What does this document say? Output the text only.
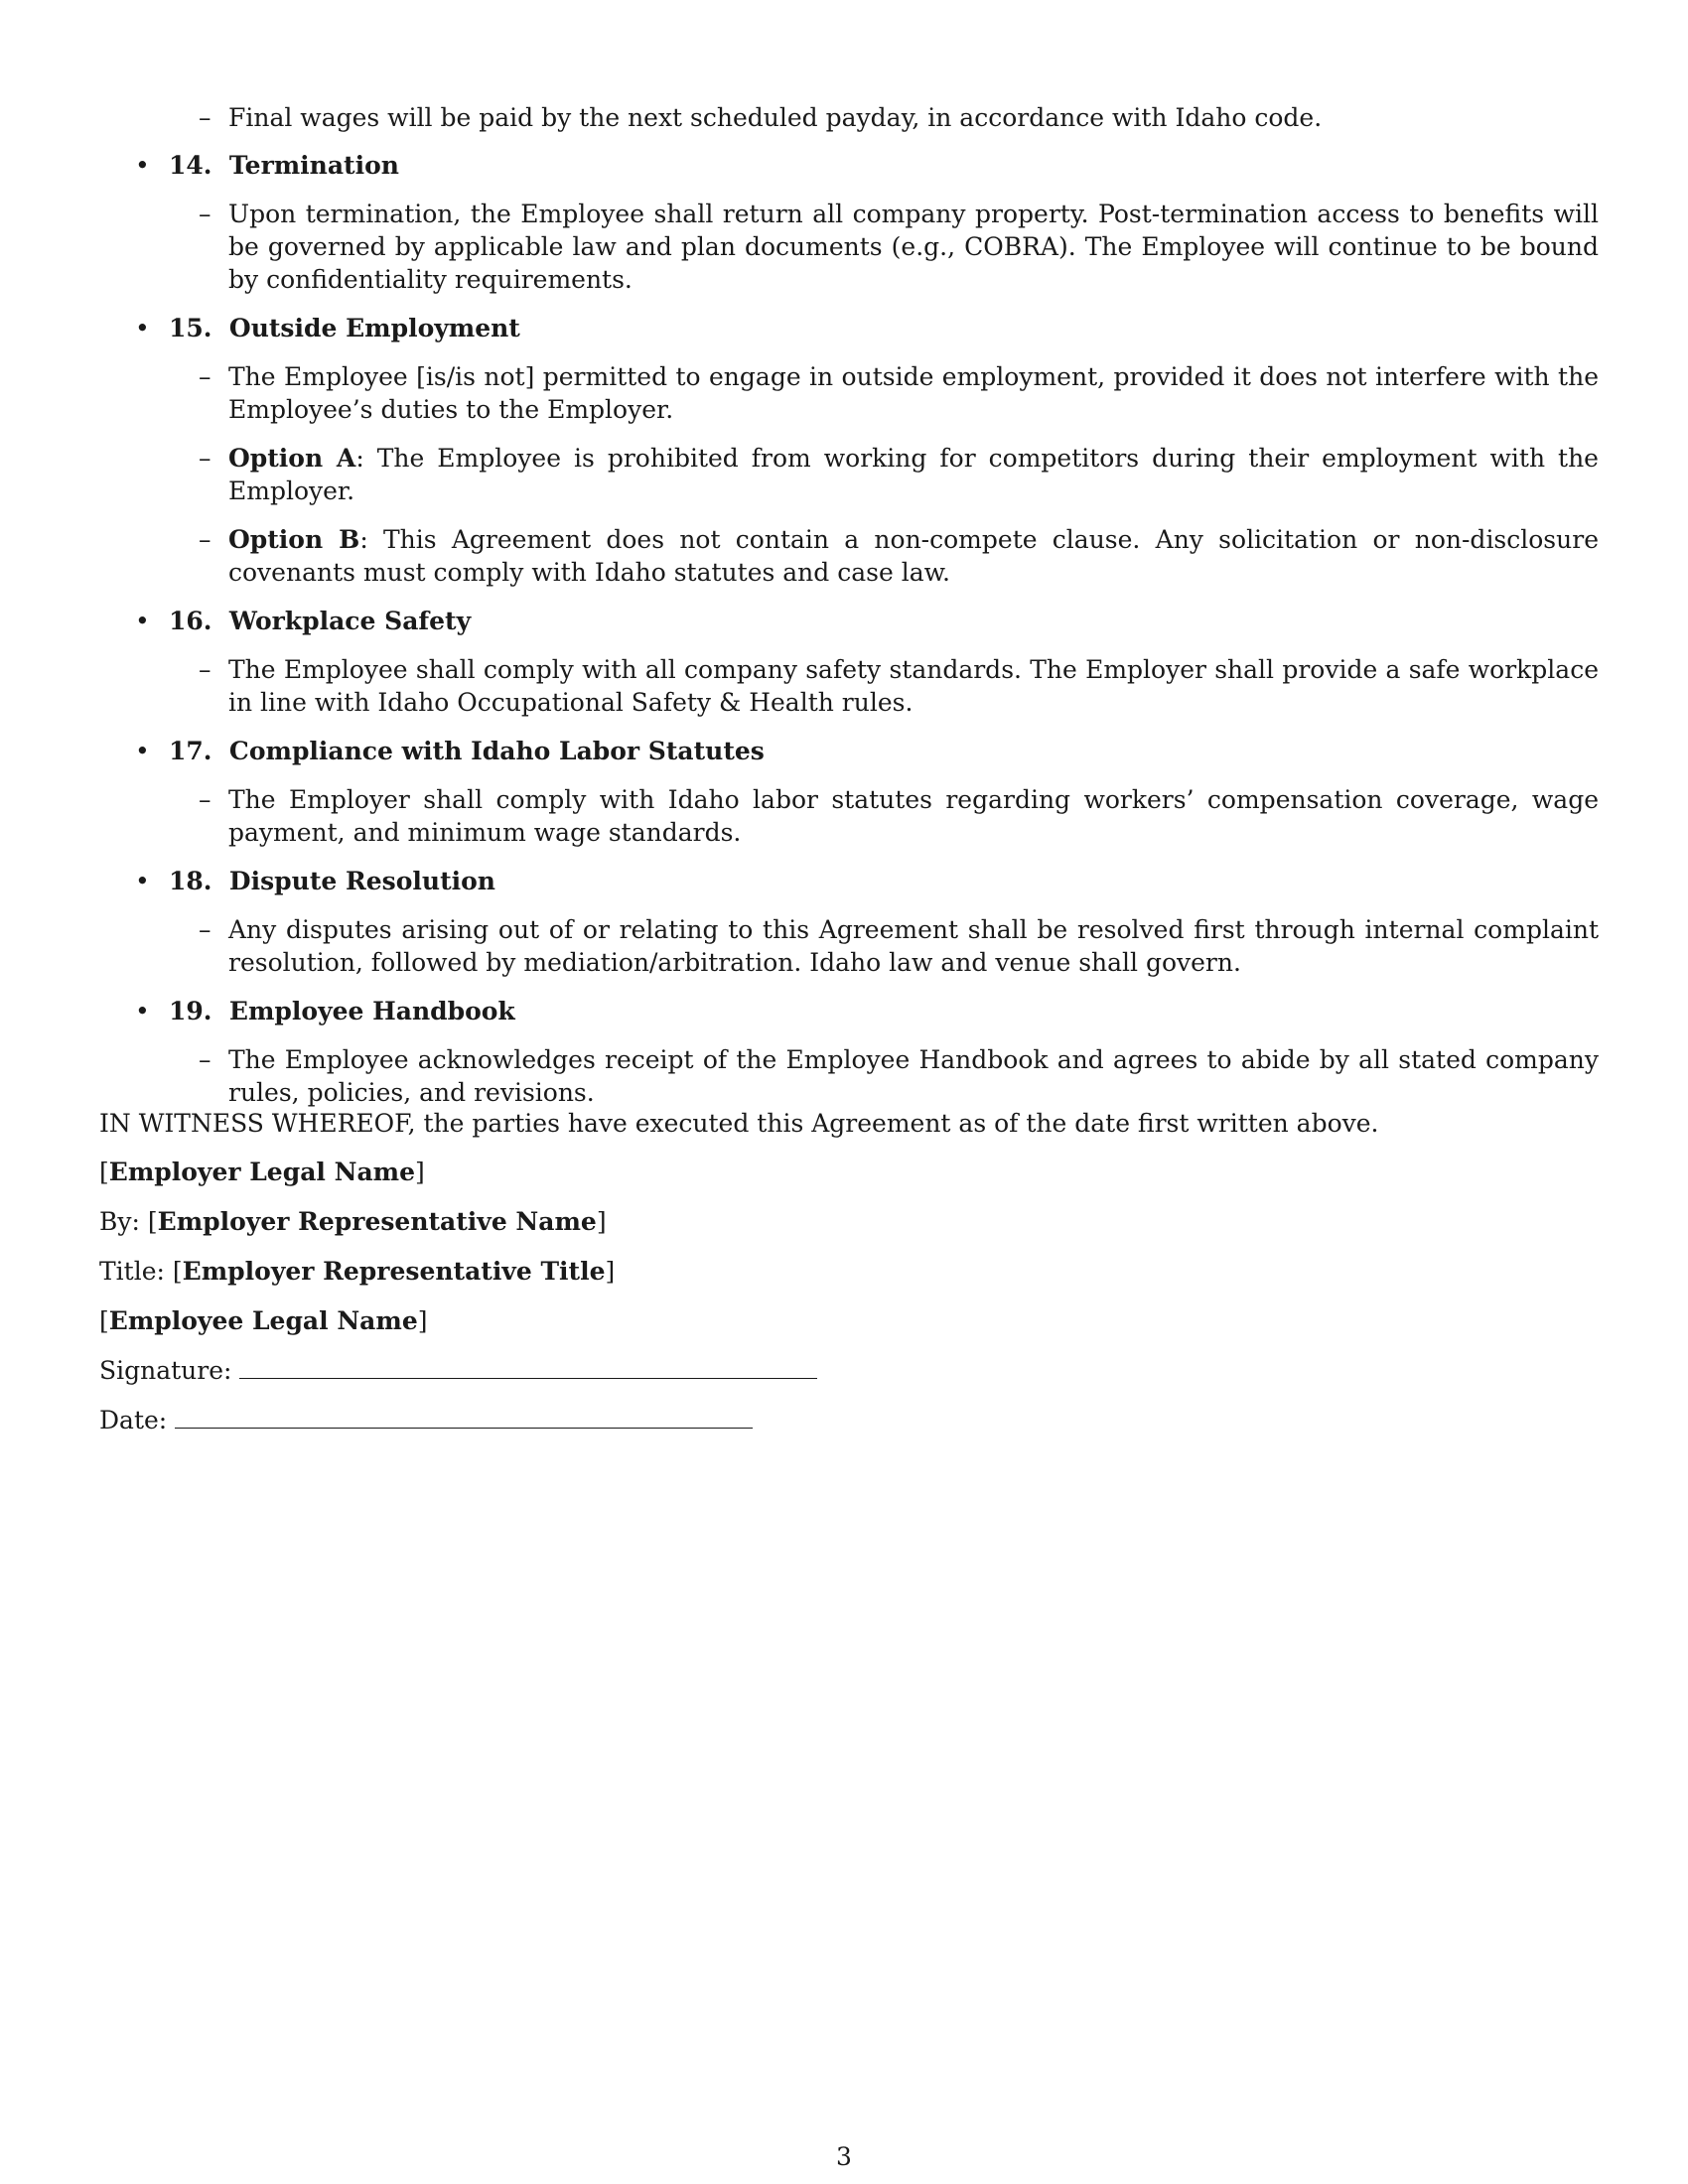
– Final wages will be paid by the next scheduled payday, in accordance with Idaho code.
• 14. Termination
– Upon termination, the Employee shall return all company property. Post-termination access to benefits will be governed by applicable law and plan documents (e.g., COBRA). The Employee will continue to be bound by confidentiality requirements.
• 15. Outside Employment
– The Employee [is/is not] permitted to engage in outside employment, provided it does not interfere with the Employee’s duties to the Employer.
– Option A: The Employee is prohibited from working for competitors during their employment with the Employer.
– Option B: This Agreement does not contain a non-compete clause. Any solicitation or non-disclosure covenants must comply with Idaho statutes and case law.
• 16. Workplace Safety
– The Employee shall comply with all company safety standards. The Employer shall provide a safe workplace in line with Idaho Occupational Safety & Health rules.
• 17. Compliance with Idaho Labor Statutes
– The Employer shall comply with Idaho labor statutes regarding workers’ compensation coverage, wage payment, and minimum wage standards.
• 18. Dispute Resolution
– Any disputes arising out of or relating to this Agreement shall be resolved first through internal complaint resolution, followed by mediation/arbitration. Idaho law and venue shall govern.
• 19. Employee Handbook
– The Employee acknowledges receipt of the Employee Handbook and agrees to abide by all stated company rules, policies, and revisions.
IN WITNESS WHEREOF, the parties have executed this Agreement as of the date first written above.
[Employer Legal Name]
By: [Employer Representative Name]
Title: [Employer Representative Title]
[Employee Legal Name]
Signature:
Date:
3
